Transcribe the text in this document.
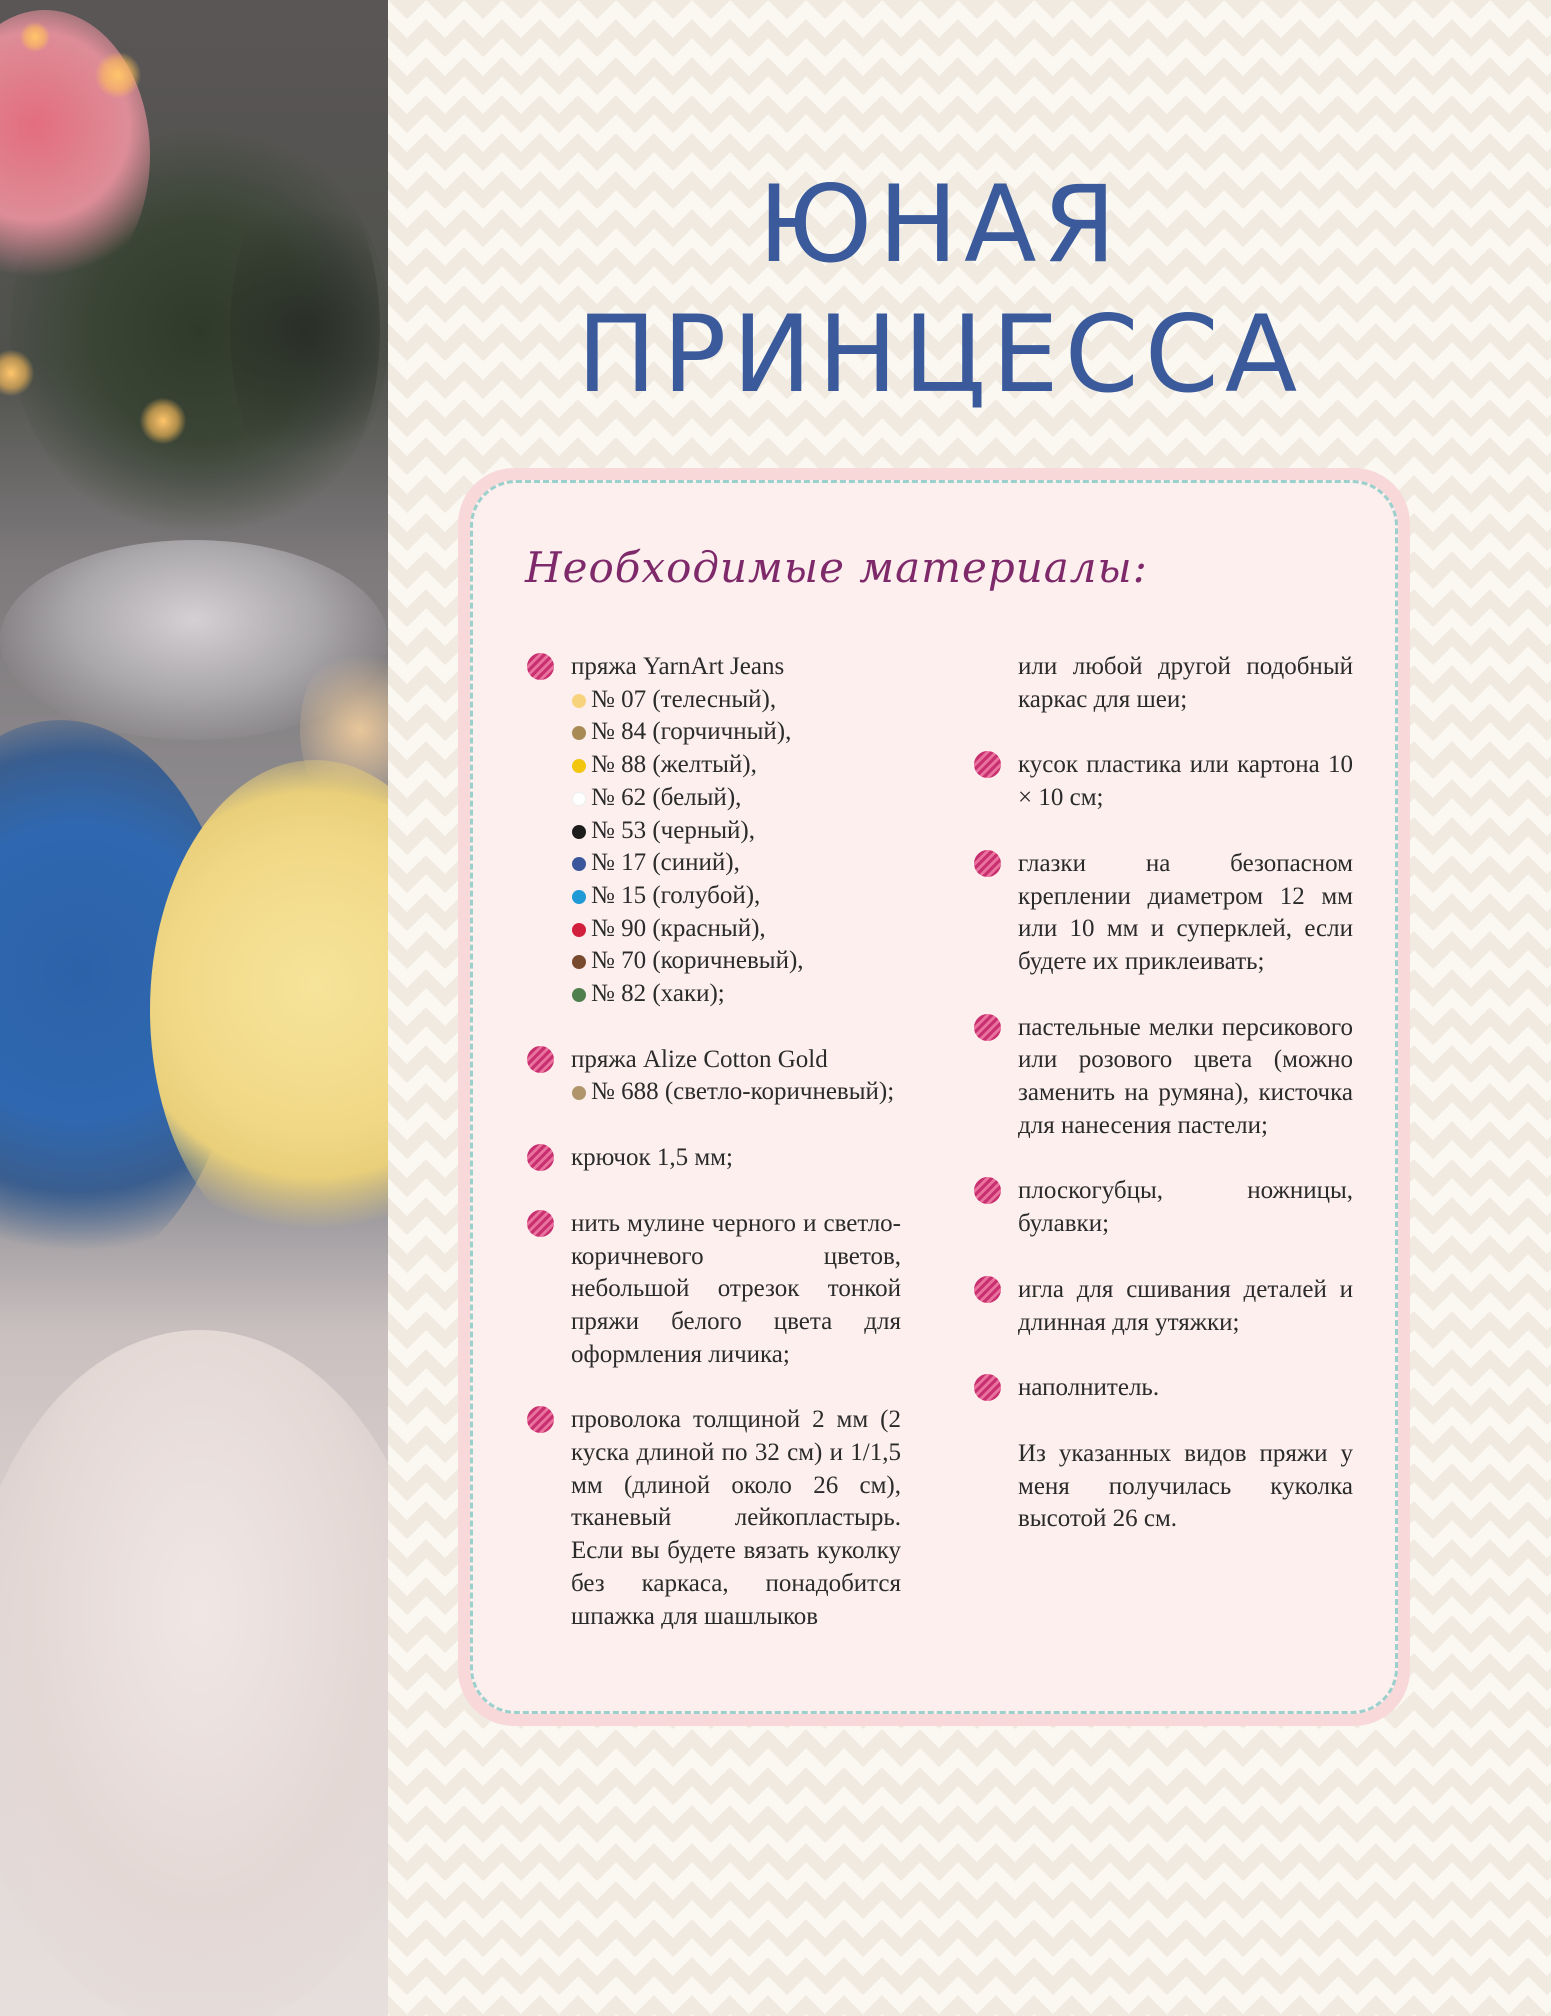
ЮНАЯ
ПРИНЦЕССА
Необходимые материалы:

пряжа YarnArt Jeans

№ 07 (телесный),
№ 84 (горчичный),
№ 88 (желтый),
№ 62 (белый),
№ 53 (черный),
№ 17 (синий),
№ 15 (голубой),
№ 90 (красный),
№ 70 (коричневый),
№ 82 (хаки);

пряжа Alize Cotton Gold

№ 688 (светло-коричневый);

крючок 1,5 мм;

нить мулине черного и светло-коричневого цветов, небольшой отрезок тонкой пряжи белого цвета для оформления личика;

проволока толщиной 2 мм (2 куска длиной по 32 см) и 1/1,5 мм (длиной около 26 см), тканевый лейкопластырь. Если вы будете вязать куколку без каркаса, понадобится шпажка для шашлыков

или любой другой подобный каркас для шеи;

кусок пластика или картона 10 × 10 см;

глазки на безопасном креплении диаметром 12 мм или 10 мм и суперклей, если будете их приклеивать;

пастельные мелки персикового или розового цвета (можно заменить на румяна), кисточка для нанесения пастели;

плоскогубцы, ножницы, булавки;

игла для сшивания деталей и длинная для утяжки;

наполнитель.

Из указанных видов пряжи у меня получилась куколка высотой 26 см.
